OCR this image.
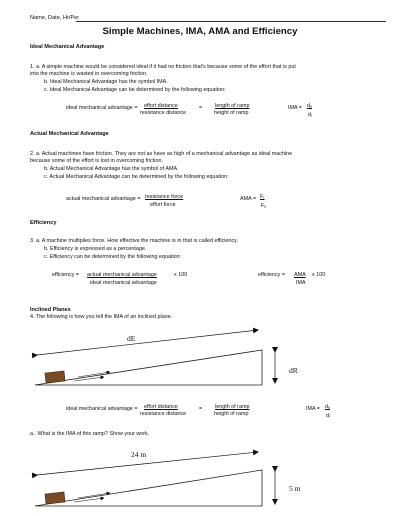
Name, Date, Hr/Per
Simple Machines, IMA, AMA and Efficiency
Ideal Mechanical Advantage
1. a. A simple machine would be considered ideal if it had no friction that's because some of the effort that is put
into the machine is wasted in overcoming friction.
b. Ideal Mechanical Advantage has the symbol IMA.
c. Ideal Mechanical Advantage can be determined by the following equation:
ideal mechanical advantage = effort distance
resistance distance
= length of ramp
height of ramp
IMA = dₑ
dᵣ
Actual Mechanical Advantage
2. a. Actual machines have friction. They are not as have as high of a mechanical advantage as ideal machine
because some of the effort is lost in overcoming friction.
b. Actual Mechanical Advantage has the symbol of AMA.
c. Actual Mechanical Advantage can be determined by the following equation:
actual mechanical advantage = resistance force
effort force
AMA = Fᵣ
Fₑ
Efficiency
3. a. A machine multiplies force. How effective the machine is in that is called efficiency.
b. Efficiency is expressed as a percentage.
c. Efficiency can be determined by the following equation:
efficiency = actual mechanical advantage	x 100
ideal mechanical advantage
efficiency = AMA x 100
IMA
Inclined Planes
4. The following is how you tell the IMA of an inclined plane.
dE
dR
ideal mechanical advantage = effort distance
resistance distance
= length of ramp
height of ramp
IMA = dₑ
dᵣ
a.. What is the IMA of this ramp? Show your work.
24 m
5 m
